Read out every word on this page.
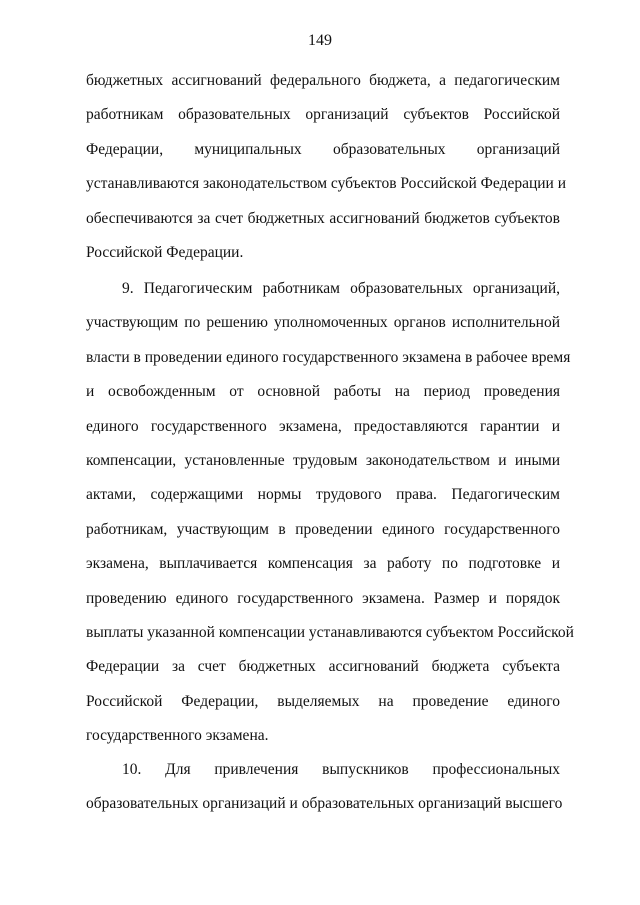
149
бюджетных ассигнований федерального бюджета, а педагогическим
работникам образовательных организаций субъектов Российской
Федерации, муниципальных образовательных организаций
устанавливаются законодательством субъектов Российской Федерации и
обеспечиваются за счет бюджетных ассигнований бюджетов субъектов
Российской Федерации.
9. Педагогическим работникам образовательных организаций,
участвующим по решению уполномоченных органов исполнительной
власти в проведении единого государственного экзамена в рабочее время
и освобожденным от основной работы на период проведения
единого государственного экзамена, предоставляются гарантии и
компенсации, установленные трудовым законодательством и иными
актами, содержащими нормы трудового права. Педагогическим
работникам, участвующим в проведении единого государственного
экзамена, выплачивается компенсация за работу по подготовке и
проведению единого государственного экзамена. Размер и порядок
выплаты указанной компенсации устанавливаются субъектом Российской
Федерации за счет бюджетных ассигнований бюджета субъекта
Российской Федерации, выделяемых на проведение единого
государственного экзамена.
10. Для привлечения выпускников профессиональных
образовательных организаций и образовательных организаций высшего
